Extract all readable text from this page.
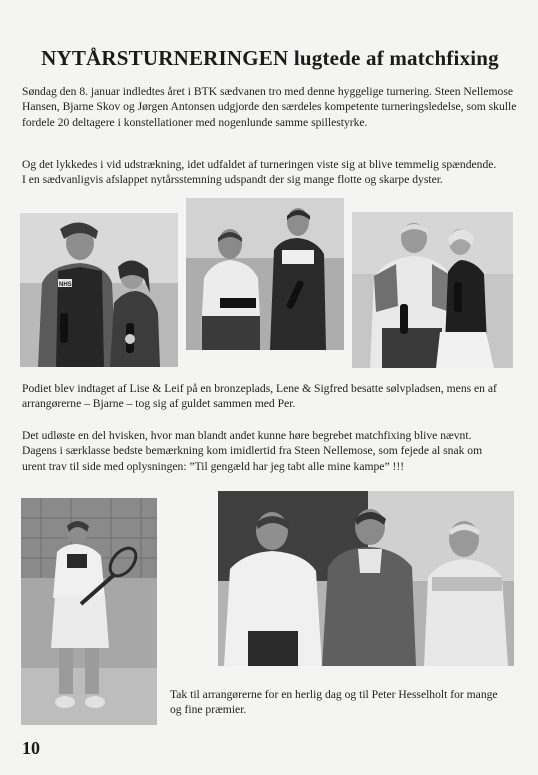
NYTÅRSTURNERINGEN lugtede af matchfixing

Søndag den 8. januar indledtes året i BTK sædvanen tro med denne hyggelige turnering. Steen Nellemose Hansen, Bjarne Skov og Jørgen Antonsen udgjorde den særdeles kompetente turneringsledelse, som skulle fordele 20 deltagere i konstellationer med nogenlunde samme spillestyrke.

Og det lykkedes i vid udstrækning, idet udfaldet af turneringen viste sig at blive temmelig spændende. I en sædvanligvis afslappet nytårsstemning udspandt der sig mange flotte og skarpe dyster.

NHS

Podiet blev indtaget af Lise & Leif på en bronzeplads, Lene & Sigfred besatte sølvpladsen, mens en af arrangørerne – Bjarne – tog sig af guldet sammen med Per.

Det udløste en del hvisken, hvor man blandt andet kunne høre begrebet matchfixing blive nævnt. Dagens i særklasse bedste bemærkning kom imidlertid fra Steen Nellemose, som fejede al snak om urent trav til side med oplysningen: ”Til gengæld har jeg tabt alle mine kampe” !!!

Tak til arrangørerne for en herlig dag og til Peter Hesselholt for mange og fine præmier.

10
